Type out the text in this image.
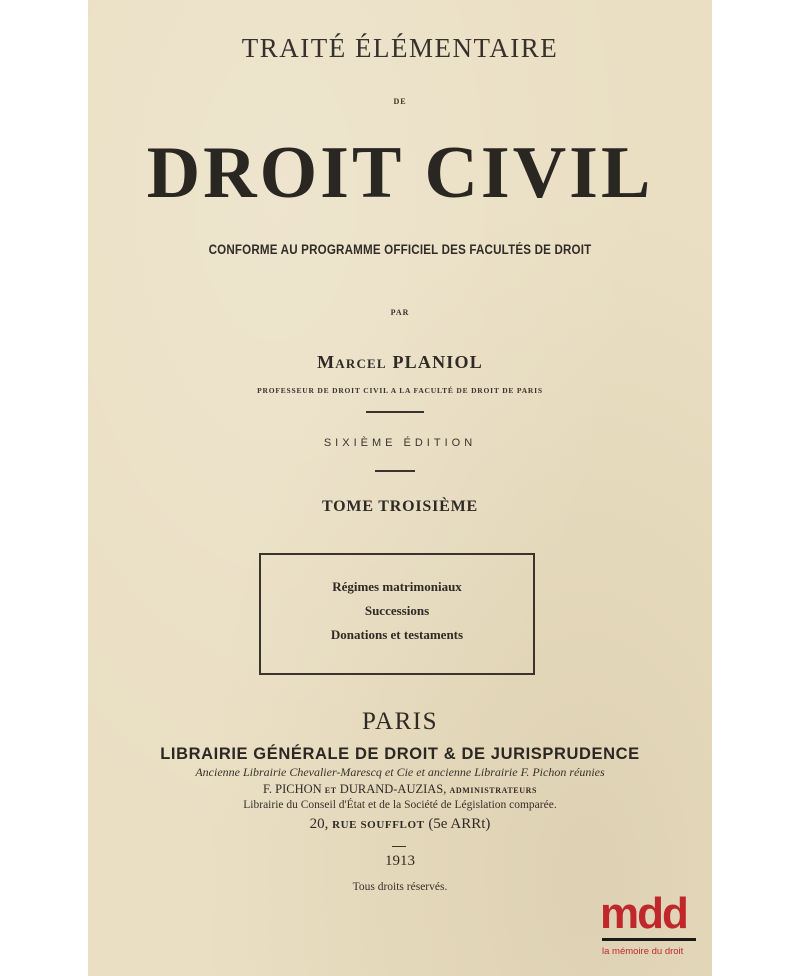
TRAITÉ ÉLÉMENTAIRE
DE
DROIT CIVIL
CONFORME AU PROGRAMME OFFICIEL DES FACULTÉS DE DROIT
PAR
Marcel PLANIOL
PROFESSEUR DE DROIT CIVIL A LA FACULTÉ DE DROIT DE PARIS
SIXIÈME ÉDITION
TOME TROISIÈME
Régimes matrimoniaux
Successions
Donations et testaments
PARIS
LIBRAIRIE GÉNÉRALE DE DROIT & DE JURISPRUDENCE
Ancienne Librairie Chevalier-Marescq et Cie et ancienne Librairie F. Pichon réunies
F. PICHON ET DURAND-AUZIAS, ADMINISTRATEURS
Librairie du Conseil d'État et de la Société de Législation comparée.
20, RUE SOUFFLOT (5e ARRt)
1913
Tous droits réservés.
mdd
la mémoire du droit
